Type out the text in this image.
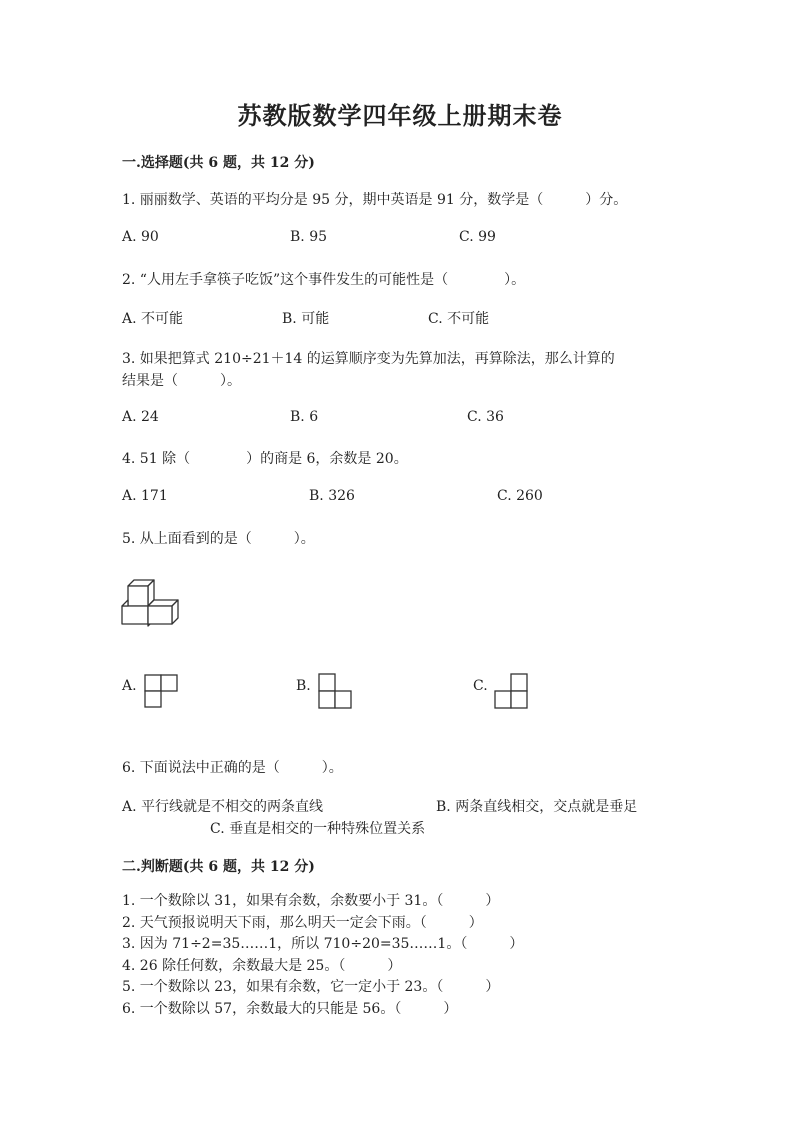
苏教版数学四年级上册期末卷
一.选择题(共 6 题，共 12 分)
1. 丽丽数学、英语的平均分是 95 分，期中英语是 91 分，数学是（　　　）分。
A. 90	B. 95	C. 99
2. “人用左手拿筷子吃饭”这个事件发生的可能性是（　　　　）。
A. 不可能	B. 可能	C. 不可能
3. 如果把算式 210÷21＋14 的运算顺序变为先算加法，再算除法，那么计算的
结果是（　　　）。
A. 24	B. 6	C. 36
4. 51 除（　　　　）的商是 6，余数是 20。
A. 171	B. 326	C. 260
5. 从上面看到的是（　　　）。
A.	B.	C.
6. 下面说法中正确的是（　　　）。
A. 平行线就是不相交的两条直线	B. 两条直线相交，交点就是垂足
C. 垂直是相交的一种特殊位置关系
二.判断题(共 6 题，共 12 分)
1. 一个数除以 31，如果有余数，余数要小于 31。（　　　）
2. 天气预报说明天下雨，那么明天一定会下雨。（　　　）
3. 因为 71÷2=35……1，所以 710÷20=35……1。（　　　）
4. 26 除任何数，余数最大是 25。（　　　）
5. 一个数除以 23，如果有余数，它一定小于 23。（　　　）
6. 一个数除以 57，余数最大的只能是 56。（　　　）
